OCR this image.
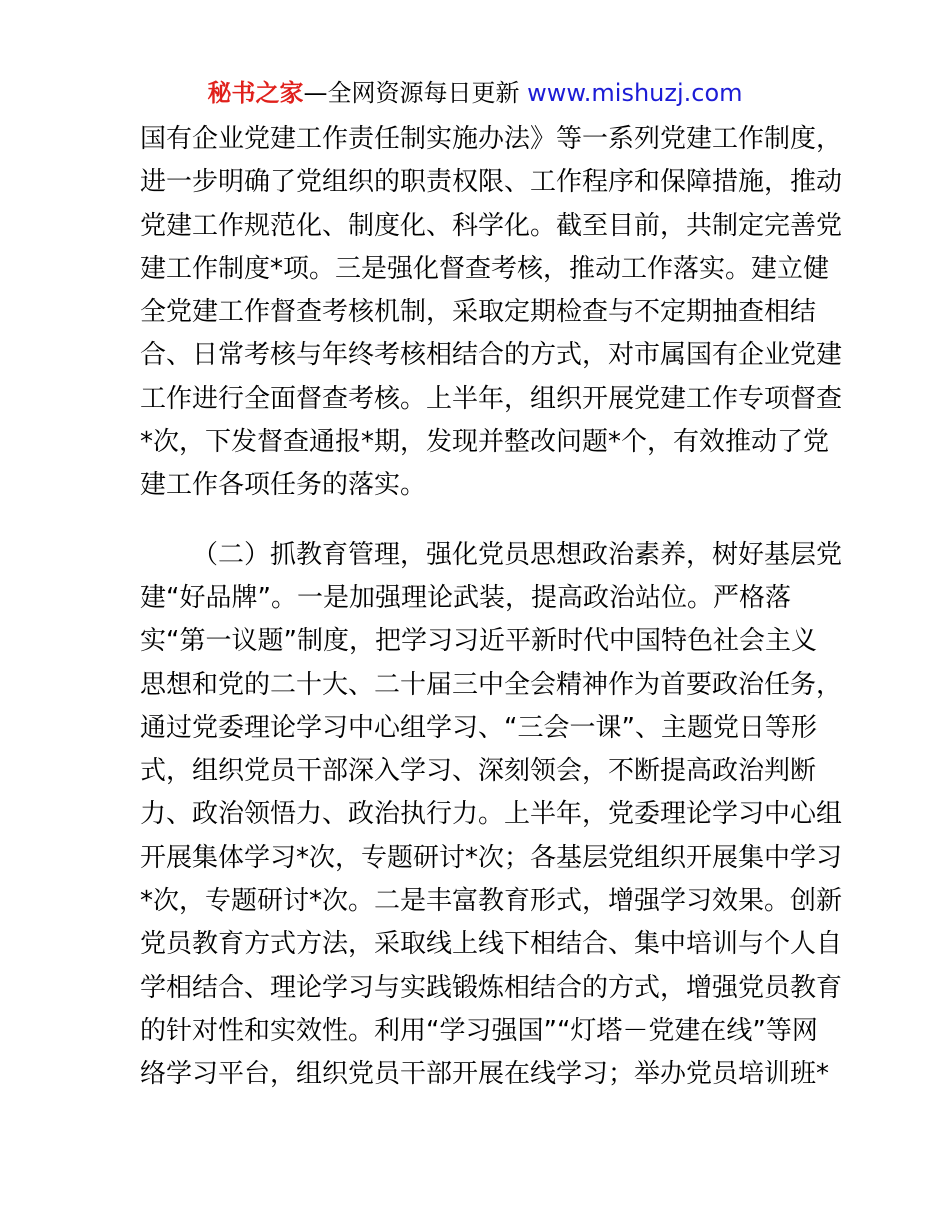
秘书之家—全网资源每日更新 www.mishuzj.com
国有企业党建工作责任制实施办法》等一系列党建工作制度，
进一步明确了党组织的职责权限、工作程序和保障措施，推动
党建工作规范化、制度化、科学化。截至目前，共制定完善党
建工作制度*项。三是强化督查考核，推动工作落实。建立健
全党建工作督查考核机制，采取定期检查与不定期抽查相结
合、日常考核与年终考核相结合的方式，对市属国有企业党建
工作进行全面督查考核。上半年，组织开展党建工作专项督查
*次，下发督查通报*期，发现并整改问题*个，有效推动了党
建工作各项任务的落实。
（二）抓教育管理，强化党员思想政治素养，树好基层党
建“好品牌”。一是加强理论武装，提高政治站位。严格落
实“第一议题”制度，把学习习近平新时代中国特色社会主义
思想和党的二十大、二十届三中全会精神作为首要政治任务，
通过党委理论学习中心组学习、“三会一课”、主题党日等形
式，组织党员干部深入学习、深刻领会，不断提高政治判断
力、政治领悟力、政治执行力。上半年，党委理论学习中心组
开展集体学习*次，专题研讨*次；各基层党组织开展集中学习
*次，专题研讨*次。二是丰富教育形式，增强学习效果。创新
党员教育方式方法，采取线上线下相结合、集中培训与个人自
学相结合、理论学习与实践锻炼相结合的方式，增强党员教育
的针对性和实效性。利用“学习强国”“灯塔－党建在线”等网
络学习平台，组织党员干部开展在线学习；举办党员培训班*
